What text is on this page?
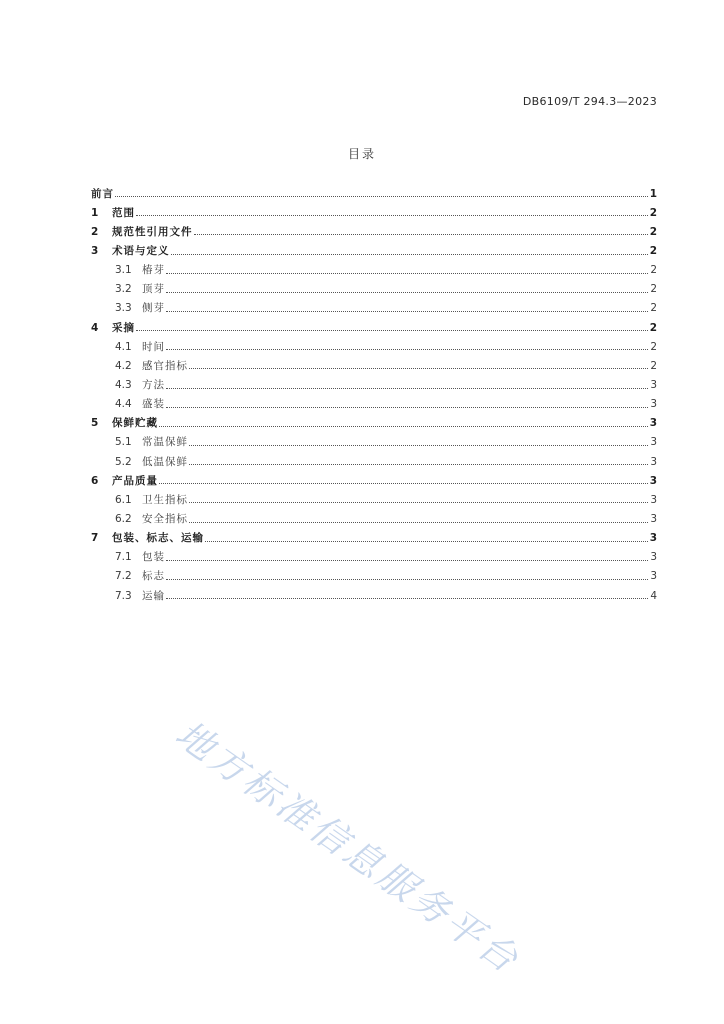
DB6109/T 294.3—2023
目录
前言	1
1	范围	2
2	规范性引用文件	2
3	术语与定义	2
3.1 椿芽	2
3.2 顶芽	2
3.3 侧芽	2
4	采摘	2
4.1 时间	2
4.2 感官指标	2
4.3 方法	3
4.4 盛装	3
5	保鲜贮藏	3
5.1 常温保鲜	3
5.2 低温保鲜	3
6	产品质量	3
6.1 卫生指标	3
6.2 安全指标	3
7	包装、标志、运输	3
7.1 包装	3
7.2 标志	3
7.3 运输	4
地方标准信息服务平台
